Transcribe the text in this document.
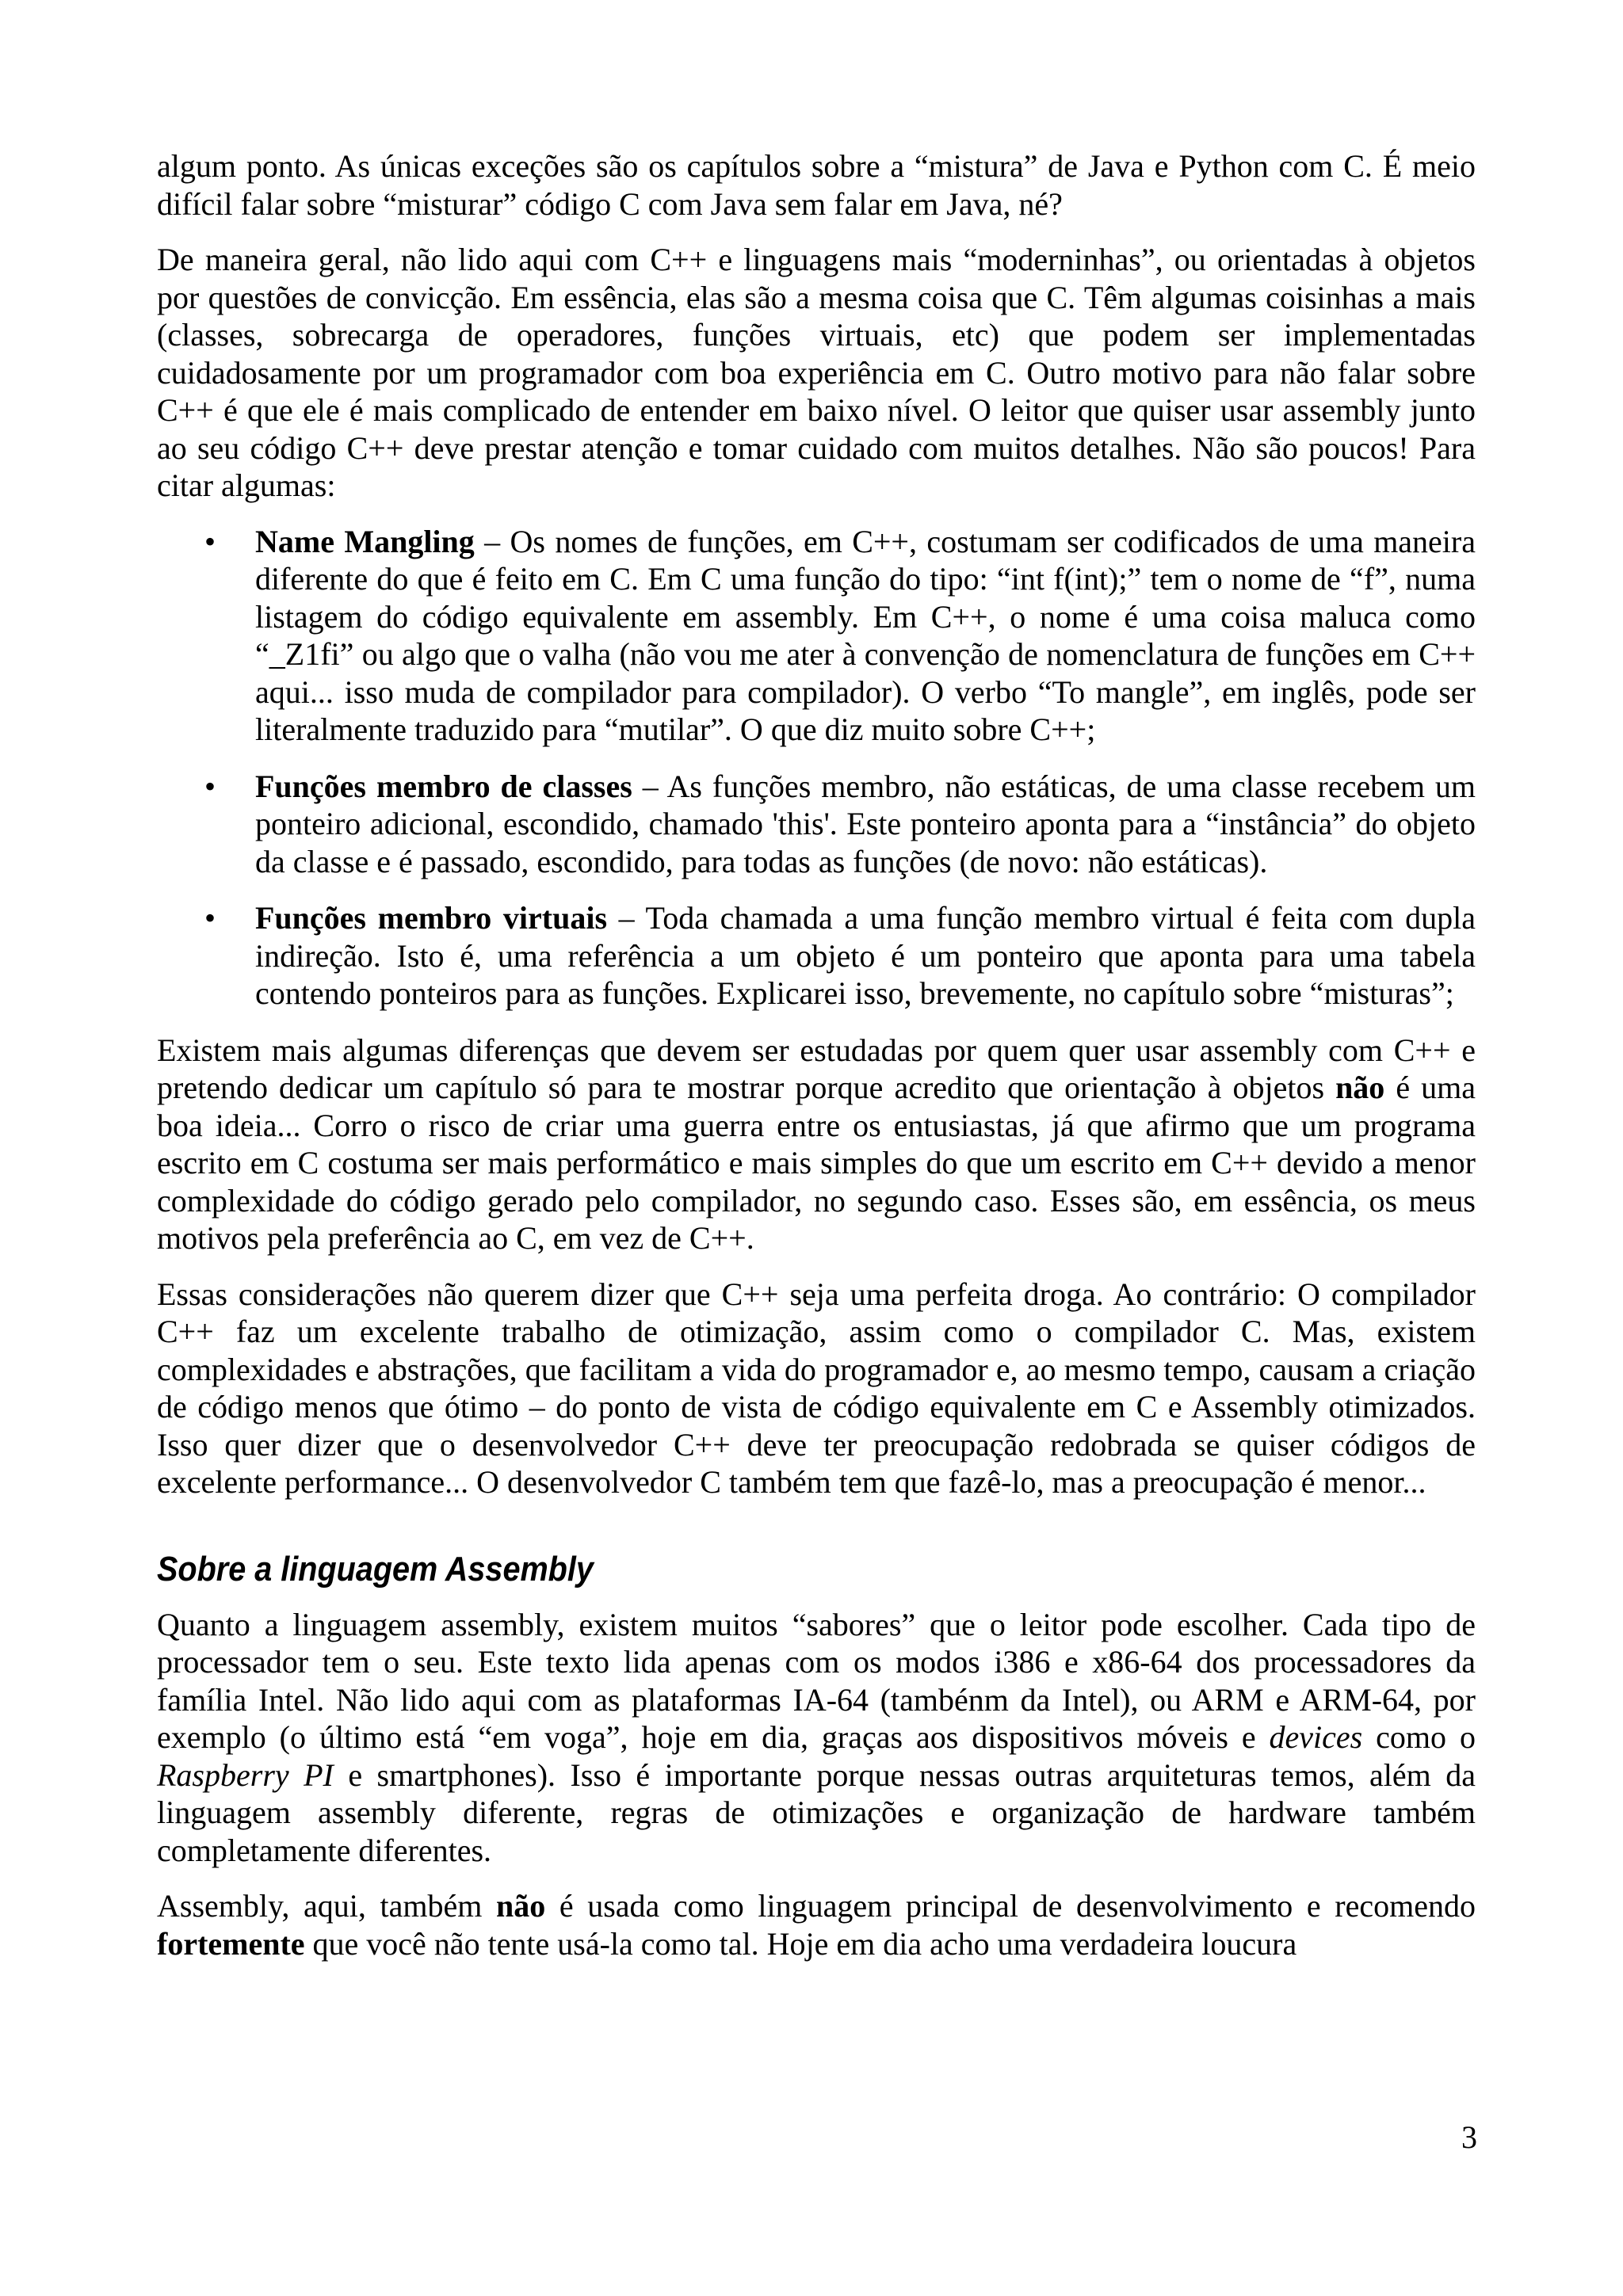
algum ponto. As únicas exceções são os capítulos sobre a “mistura” de Java e Python com C. É meio difícil falar sobre “misturar” código C com Java sem falar em Java, né?

De maneira geral, não lido aqui com C++ e linguagens mais “moderninhas”, ou orientadas à objetos por questões de convicção. Em essência, elas são a mesma coisa que C. Têm algumas coisinhas a mais (classes, sobrecarga de operadores, funções virtuais, etc) que podem ser implementadas cuidadosamente por um programador com boa experiência em C. Outro motivo para não falar sobre C++ é que ele é mais complicado de entender em baixo nível. O leitor que quiser usar assembly junto ao seu código C++ deve prestar atenção e tomar cuidado com muitos detalhes. Não são poucos! Para citar algumas:

• Name Mangling – Os nomes de funções, em C++, costumam ser codificados de uma maneira diferente do que é feito em C. Em C uma função do tipo: “int f(int);” tem o nome de “f”, numa listagem do código equivalente em assembly. Em C++, o nome é uma coisa maluca como “_Z1fi” ou algo que o valha (não vou me ater à convenção de nomenclatura de funções em C++ aqui... isso muda de compilador para compilador). O verbo “To mangle”, em inglês, pode ser literalmente traduzido para “mutilar”. O que diz muito sobre C++;
• Funções membro de classes – As funções membro, não estáticas, de uma classe recebem um ponteiro adicional, escondido, chamado 'this'. Este ponteiro aponta para a “instância” do objeto da classe e é passado, escondido, para todas as funções (de novo: não estáticas).
• Funções membro virtuais – Toda chamada a uma função membro virtual é feita com dupla indireção. Isto é, uma referência a um objeto é um ponteiro que aponta para uma tabela contendo ponteiros para as funções. Explicarei isso, brevemente, no capítulo sobre “misturas”;

Existem mais algumas diferenças que devem ser estudadas por quem quer usar assembly com C++ e pretendo dedicar um capítulo só para te mostrar porque acredito que orientação à objetos não é uma boa ideia... Corro o risco de criar uma guerra entre os entusiastas, já que afirmo que um programa escrito em C costuma ser mais performático e mais simples do que um escrito em C++ devido a menor complexidade do código gerado pelo compilador, no segundo caso. Esses são, em essência, os meus motivos pela preferência ao C, em vez de C++.

Essas considerações não querem dizer que C++ seja uma perfeita droga. Ao contrário: O compilador C++ faz um excelente trabalho de otimização, assim como o compilador C. Mas, existem complexidades e abstrações, que facilitam a vida do programador e, ao mesmo tempo, causam a criação de código menos que ótimo – do ponto de vista de código equivalente em C e Assembly otimizados. Isso quer dizer que o desenvolvedor C++ deve ter preocupação redobrada se quiser códigos de excelente performance... O desenvolvedor C também tem que fazê-lo, mas a preocupação é menor...

Sobre a linguagem Assembly

Quanto a linguagem assembly, existem muitos “sabores” que o leitor pode escolher. Cada tipo de processador tem o seu. Este texto lida apenas com os modos i386 e x86-64 dos processadores da família Intel. Não lido aqui com as plataformas IA-64 (tambénm da Intel), ou ARM e ARM-64, por exemplo (o último está “em voga”, hoje em dia, graças aos dispositivos móveis e devices como o Raspberry PI e smartphones). Isso é importante porque nessas outras arquiteturas temos, além da linguagem assembly diferente, regras de otimizações e organização de hardware também completamente diferentes.

Assembly, aqui, também não é usada como linguagem principal de desenvolvimento e recomendo fortemente que você não tente usá-la como tal. Hoje em dia acho uma verdadeira loucura

3
